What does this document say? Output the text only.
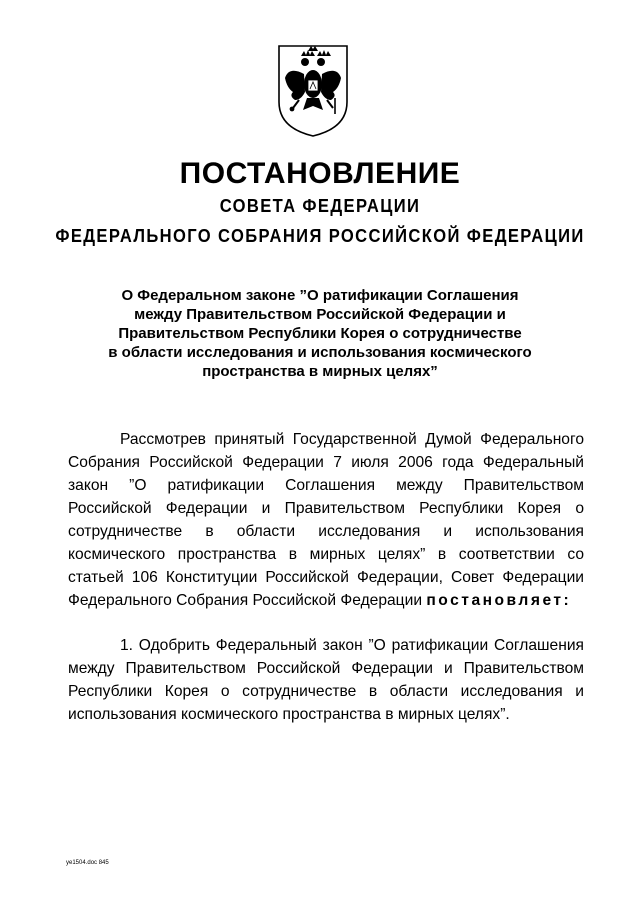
ПОСТАНОВЛЕНИЕ
СОВЕТА ФЕДЕРАЦИИ
ФЕДЕРАЛЬНОГО СОБРАНИЯ РОССИЙСКОЙ ФЕДЕРАЦИИ
О Федеральном законе ”О ратификации Соглашения
между Правительством Российской Федерации и
Правительством Республики Корея о сотрудничестве
в области исследования и использования космического
пространства в мирных целях”
Рассмотрев принятый Государственной Думой Федерального Собрания Российской Федерации 7 июля 2006 года Федеральный закон ”О ратификации Соглашения между Правительством Российской Федерации и Правительством Республики Корея о сотрудничестве в области исследования и использования космического пространства в мирных целях” в соответствии со статьей 106 Конституции Российской Федерации, Совет Федерации Федерального Собрания Российской Федерации постановляет:
1. Одобрить Федеральный закон ”О ратификации Соглашения между Правительством Российской Федерации и Правительством Республики Корея о сотрудничестве в области исследования и использования космического пространства в мирных целях”.
ye1504.doc 845
